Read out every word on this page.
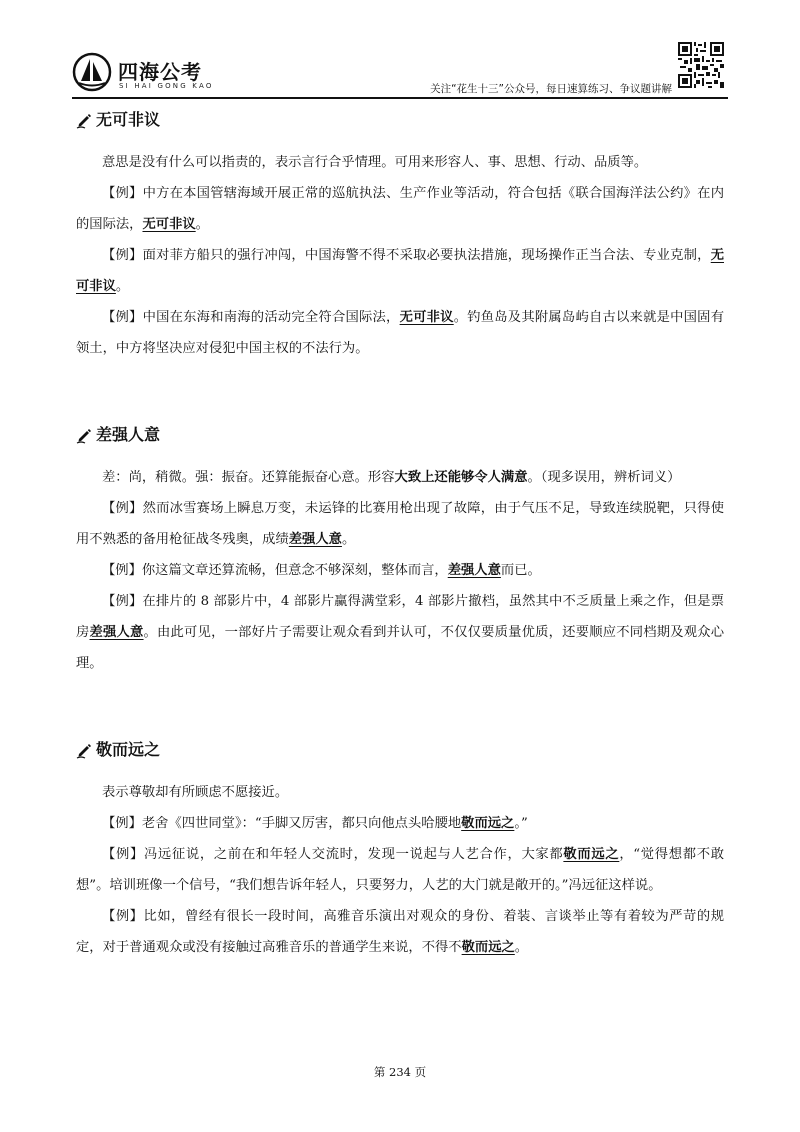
四海公考
SI HAI GONG KAO	关注“花生十三”公众号，每日速算练习、争议题讲解
无可非议

意思是没有什么可以指责的，表示言行合乎情理。可用来形容人、事、思想、行动、品质等。

【例】中方在本国管辖海域开展正常的巡航执法、生产作业等活动，符合包括《联合国海洋法公约》在内的国际法，无可非议。

【例】面对菲方船只的强行冲闯，中国海警不得不采取必要执法措施，现场操作正当合法、专业克制，无可非议。

【例】中国在东海和南海的活动完全符合国际法，无可非议。钓鱼岛及其附属岛屿自古以来就是中国固有领土，中方将坚决应对侵犯中国主权的不法行为。

差强人意

差：尚，稍微。强：振奋。还算能振奋心意。形容大致上还能够令人满意。（现多误用，辨析词义）

【例】然而冰雪赛场上瞬息万变，未运锋的比赛用枪出现了故障，由于气压不足，导致连续脱靶，只得使用不熟悉的备用枪征战冬残奥，成绩差强人意。

【例】你这篇文章还算流畅，但意念不够深刻，整体而言，差强人意而已。

【例】在排片的 8 部影片中，4 部影片赢得满堂彩，4 部影片撤档，虽然其中不乏质量上乘之作，但是票房差强人意。由此可见，一部好片子需要让观众看到并认可，不仅仅要质量优质，还要顺应不同档期及观众心理。

敬而远之

表示尊敬却有所顾虑不愿接近。

【例】老舍《四世同堂》：“手脚又厉害，都只向他点头哈腰地敬而远之。”

【例】冯远征说，之前在和年轻人交流时，发现一说起与人艺合作，大家都敬而远之，“觉得想都不敢想”。培训班像一个信号，“我们想告诉年轻人，只要努力，人艺的大门就是敞开的。”冯远征这样说。

【例】比如，曾经有很长一段时间，高雅音乐演出对观众的身份、着装、言谈举止等有着较为严苛的规定，对于普通观众或没有接触过高雅音乐的普通学生来说，不得不敬而远之。

第 234 页
